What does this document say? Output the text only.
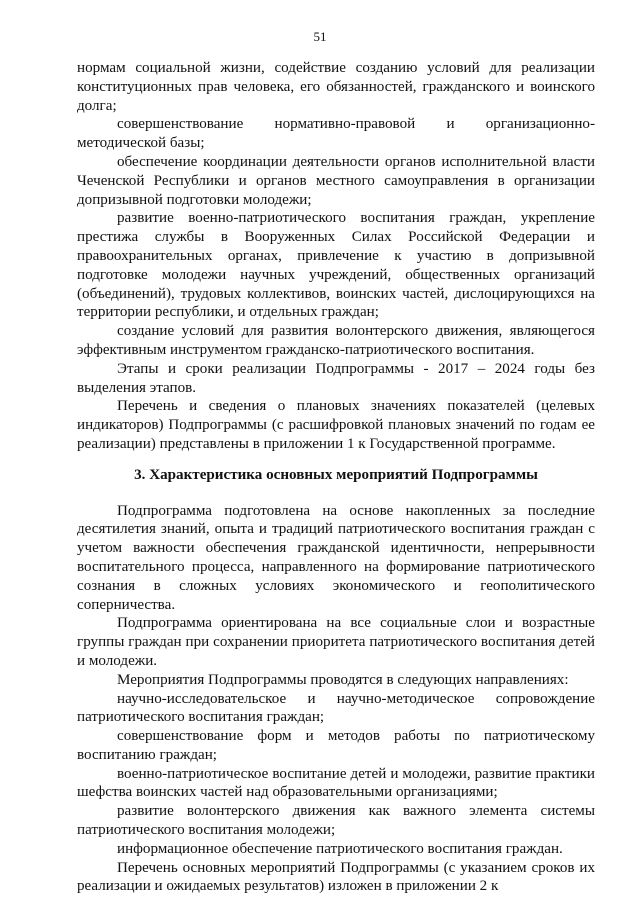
51

нормам социальной жизни, содействие созданию условий для реализации конституционных прав человека, его обязанностей, гражданского и воинского долга;

совершенствование нормативно-правовой и организационно-методической базы;

обеспечение координации деятельности органов исполнительной власти Чеченской Республики и органов местного самоуправления в организации допризывной подготовки молодежи;

развитие военно-патриотического воспитания граждан, укрепление престижа службы в Вооруженных Силах Российской Федерации и правоохранительных органах, привлечение к участию в допризывной подготовке молодежи научных учреждений, общественных организаций (объединений), трудовых коллективов, воинских частей, дислоцирующихся на территории республики, и отдельных граждан;

создание условий для развития волонтерского движения, являющегося эффективным инструментом гражданско-патриотического воспитания.

Этапы и сроки реализации Подпрограммы - 2017 – 2024 годы без выделения этапов.

Перечень и сведения о плановых значениях показателей (целевых индикаторов) Подпрограммы (с расшифровкой плановых значений по годам ее реализации) представлены в приложении 1 к Государственной программе.

3. Характеристика основных мероприятий Подпрограммы

Подпрограмма подготовлена на основе накопленных за последние десятилетия знаний, опыта и традиций патриотического воспитания граждан с учетом важности обеспечения гражданской идентичности, непрерывности воспитательного процесса, направленного на формирование патриотического сознания в сложных условиях экономического и геополитического соперничества.

Подпрограмма ориентирована на все социальные слои и возрастные группы граждан при сохранении приоритета патриотического воспитания детей и молодежи.

Мероприятия Подпрограммы проводятся в следующих направлениях:

научно-исследовательское и научно-методическое сопровождение патриотического воспитания граждан;

совершенствование форм и методов работы по патриотическому воспитанию граждан;

военно-патриотическое воспитание детей и молодежи, развитие практики шефства воинских частей над образовательными организациями;

развитие волонтерского движения как важного элемента системы патриотического воспитания молодежи;

информационное обеспечение патриотического воспитания граждан.

Перечень основных мероприятий Подпрограммы (с указанием сроков их реализации и ожидаемых результатов) изложен в приложении 2 к
